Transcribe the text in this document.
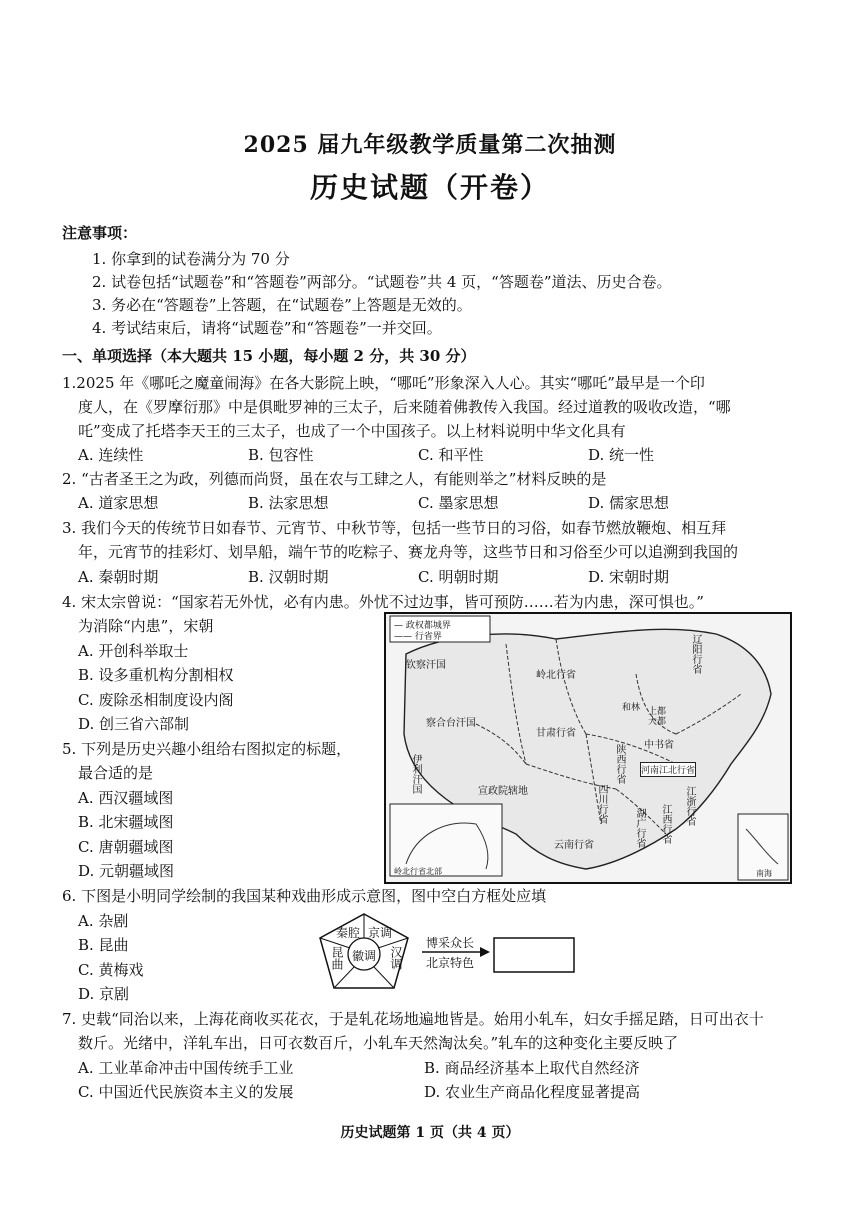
2025 届九年级教学质量第二次抽测
历史试题（开卷）
注意事项：
1. 你拿到的试卷满分为 70 分
2. 试卷包括“试题卷”和“答题卷”两部分。“试题卷”共 4 页，“答题卷”道法、历史合卷。
3. 务必在“答题卷”上答题，在“试题卷”上答题是无效的。
4. 考试结束后，请将“试题卷”和“答题卷”一并交回。
一、单项选择（本大题共 15 小题，每小题 2 分，共 30 分）
1.2025 年《哪吒之魔童闹海》在各大影院上映，“哪吒”形象深入人心。其实“哪吒”最早是一个印
度人，在《罗摩衍那》中是俱毗罗神的三太子，后来随着佛教传入我国。经过道教的吸收改造，“哪
吒”变成了托塔李天王的三太子，也成了一个中国孩子。以上材料说明中华文化具有
A. 连续性	B. 包容性	C. 和平性	D. 统一性
2. “古者圣王之为政，列德而尚贤，虽在农与工肆之人，有能则举之”材料反映的是
A. 道家思想	B. 法家思想	C. 墨家思想	D. 儒家思想
3. 我们今天的传统节日如春节、元宵节、中秋节等，包括一些节日的习俗，如春节燃放鞭炮、相互拜
年，元宵节的挂彩灯、划旱船，端午节的吃粽子、赛龙舟等，这些节日和习俗至少可以追溯到我国的
A. 秦朝时期	B. 汉朝时期	C. 明朝时期	D. 宋朝时期
4. 宋太宗曾说：“国家若无外忧，必有内患。外忧不过边事，皆可预防……若为内患，深可惧也。”
为消除“内患”，宋朝
A. 开创科举取士
B. 设多重机构分割相权
C. 废除丞相制度设内阁
D. 创三省六部制
5. 下列是历史兴趣小组给右图拟定的标题，
最合适的是
A. 西汉疆域图
B. 北宋疆域图
C. 唐朝疆域图
D. 元朝疆域图
— 政权都城界
—— 行省界
钦察汗国
岭北行省
辽阳行省
和林
察合台汗国
伊利汗国
甘肃行省
中书省
大都
上都
陕西行省 河南江北行省
宣政院辖地	四川行省	江浙行省
江西行省
湖广行省
云南行省
岭北行省北部	南海
6. 下图是小明同学绘制的我国某种戏曲形成示意图，图中空白方框处应填
A. 杂剧
B. 昆曲
C. 黄梅戏
D. 京剧
秦腔 京调
汉调
昆曲 徽调
博采众长
北京特色
7. 史载“同治以来，上海花商收买花衣，于是轧花场地遍地皆是。始用小轧车，妇女手摇足踏，日可出衣十
数斤。光绪中，洋轧车出，日可衣数百斤，小轧车天然淘汰矣。”轧车的这种变化主要反映了
A. 工业革命冲击中国传统手工业	B. 商品经济基本上取代自然经济
C. 中国近代民族资本主义的发展	D. 农业生产商品化程度显著提高
历史试题第 1 页（共 4 页）
